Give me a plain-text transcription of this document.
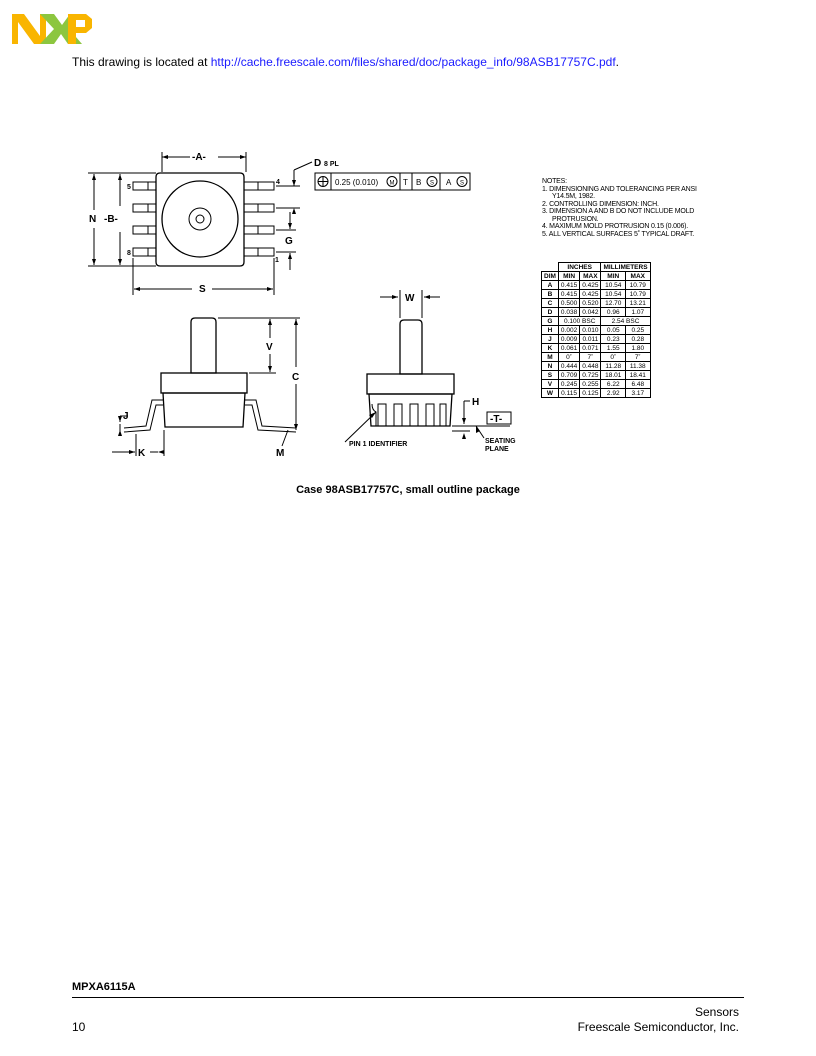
This drawing is located at http://cache.freescale.com/files/shared/doc/package_info/98ASB17757C.pdf.
-A-
-B-
N
S
G
D
V
C
W
H
-T-
J
K	M
8 PL
4
5
8
1
PIN 1 IDENTIFIER	SEATING
PLANE
0.25 (0.010) M T B S A S	NOTES:
1. DIMENSIONING AND TOLERANCING PER ANSI Y14.5M, 1982.
2. CONTROLLING DIMENSION: INCH.
3. DIMENSION A AND B DO NOT INCLUDE MOLD PROTRUSION.
4. MAXIMUM MOLD PROTRUSION 0.15 (0.006).
5. ALL VERTICAL SURFACES 5˚ TYPICAL DRAFT.
	INCHES		MILLIMETERS	
DIM	MIN	MAX	MIN	MAX
A	0.415	0.425	10.54	10.79
B	0.415	0.425	10.54	10.79
C	0.500	0.520	12.70	13.21
D	0.038	0.042	0.96	1.07
G	0.100 BSC		2.54 BSC	
H	0.002	0.010	0.05	0.25
J	0.009	0.011	0.23	0.28
K	0.061	0.071	1.55	1.80
M	0˚	7˚	0˚	7˚
N	0.444	0.448	11.28	11.38
S	0.709	0.725	18.01	18.41
V	0.245	0.255	6.22	6.48
W	0.115	0.125	2.92	3.17
Case 98ASB17757C, small outline package
MPXA6115A
10
Sensors
Freescale Semiconductor, Inc.
